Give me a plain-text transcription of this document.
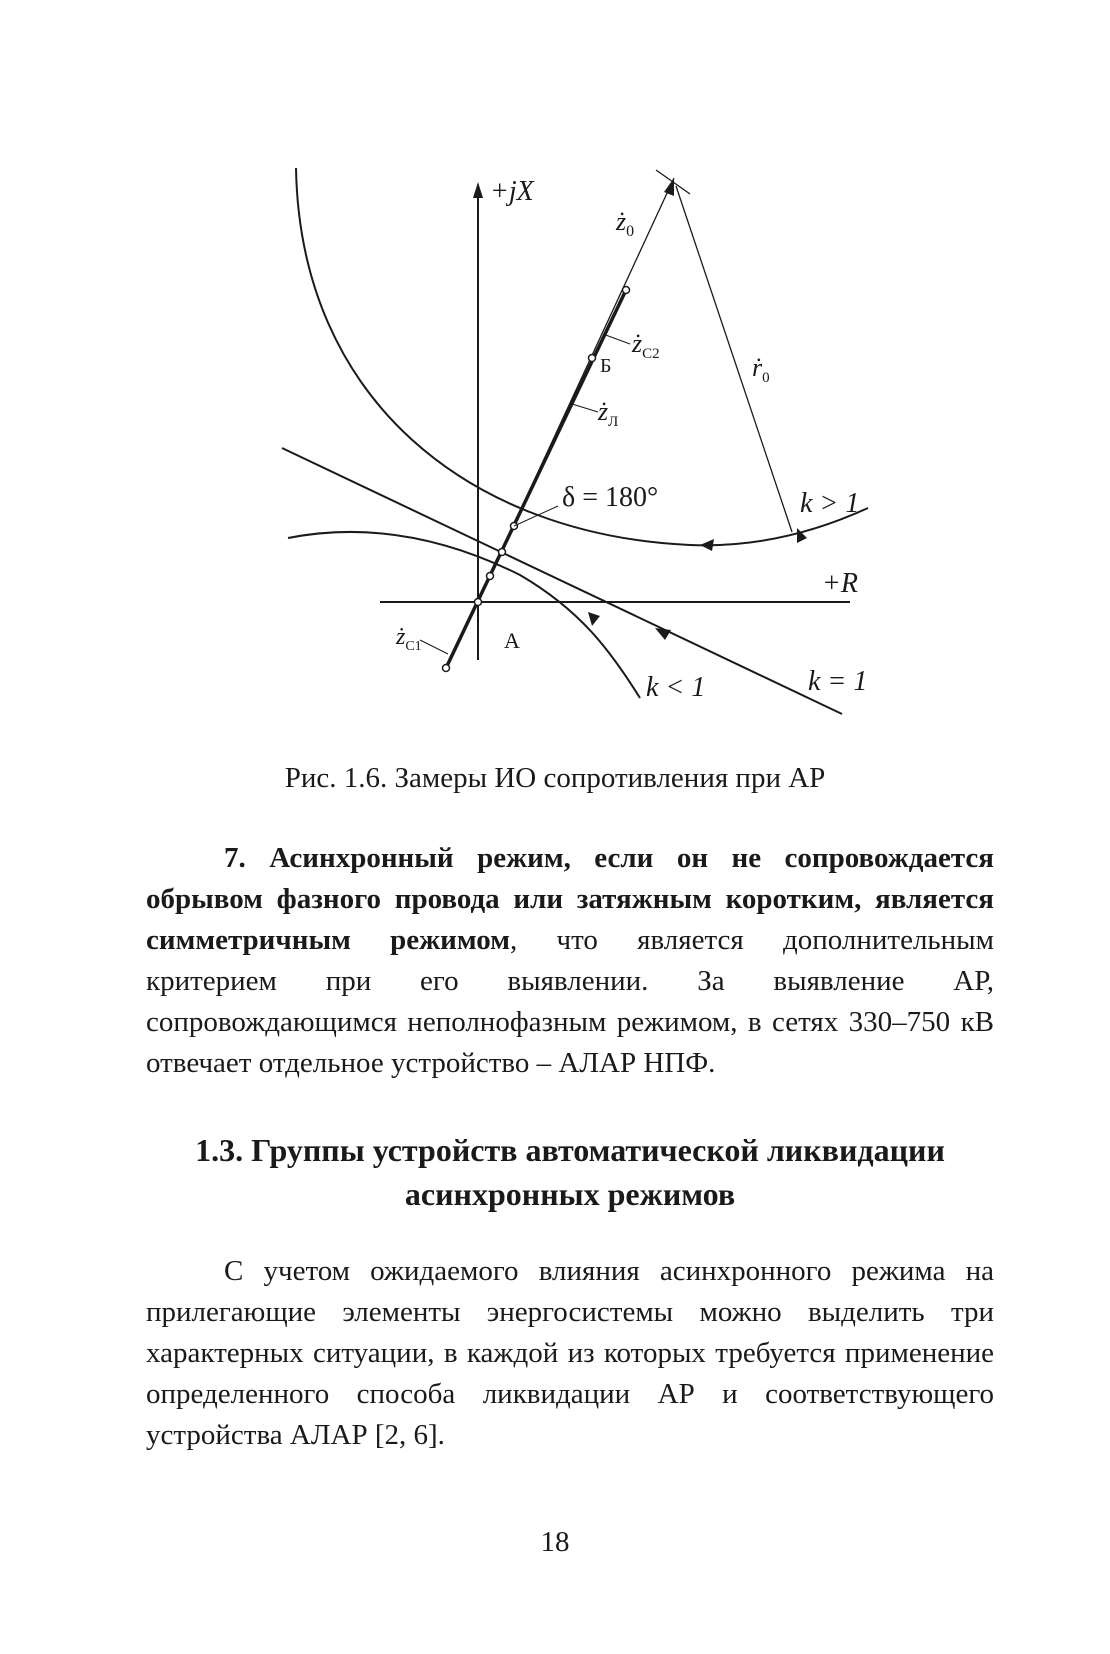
+jX
+R
$ż_0$
$ż_{C2}$
Б
$ż_Л$
ṙ$_0$
δ = 180°	k > 1
$ż_{C1}$	А
k < 1	k = 1
Рис. 1.6. Замеры ИО сопротивления при АР

7. Асинхронный режим, если он не сопровождается обрывом фазного провода или затяжным коротким, является симметричным режимом, что является дополнительным критерием при его выявлении. За выявление АР, сопровождающимся неполнофазным режимом, в сетях 330–750 кВ отвечает отдельное устройство – АЛАР НПФ.

1.3. Группы устройств автоматической ликвидации
асинхронных режимов

С учетом ожидаемого влияния асинхронного режима на прилегающие элементы энергосистемы можно выделить три характерных ситуации, в каждой из которых требуется применение определенного способа ликвидации АР и соответствующего устройства АЛАР [2, 6].

18
